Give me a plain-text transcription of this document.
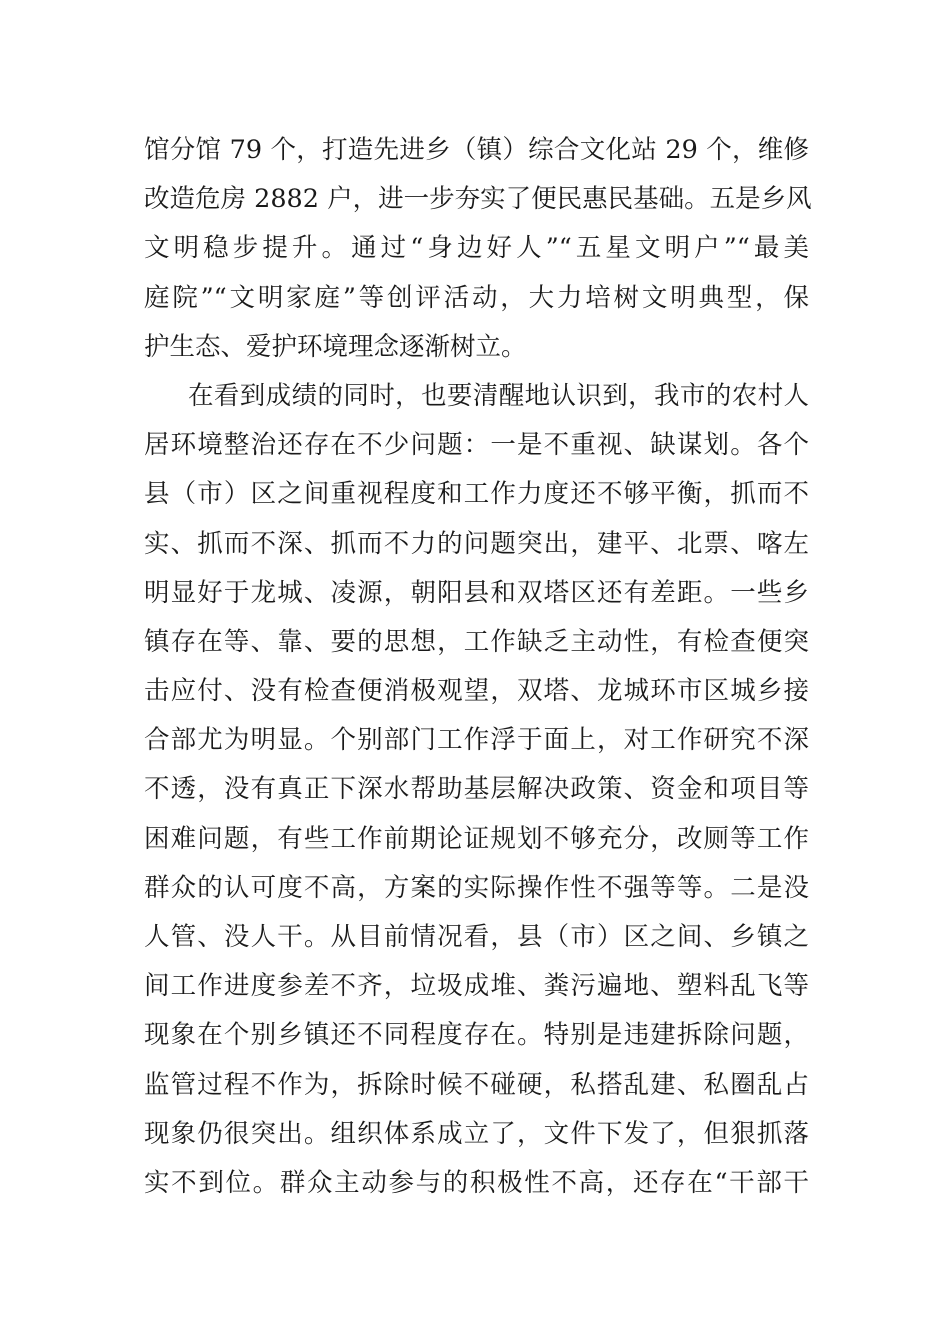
馆分馆 79 个，打造先进乡（镇）综合文化站 29 个，维修
改造危房 2882 户，进一步夯实了便民惠民基础。五是乡风
文明稳步提升。通过“身边好人”“五星文明户”“最美
庭院”“文明家庭”等创评活动，大力培树文明典型，保
护生态、爱护环境理念逐渐树立。
在看到成绩的同时，也要清醒地认识到，我市的农村人
居环境整治还存在不少问题：一是不重视、缺谋划。各个
县（市）区之间重视程度和工作力度还不够平衡，抓而不
实、抓而不深、抓而不力的问题突出，建平、北票、喀左
明显好于龙城、凌源，朝阳县和双塔区还有差距。一些乡
镇存在等、靠、要的思想，工作缺乏主动性，有检查便突
击应付、没有检查便消极观望，双塔、龙城环市区城乡接
合部尤为明显。个别部门工作浮于面上，对工作研究不深
不透，没有真正下深水帮助基层解决政策、资金和项目等
困难问题，有些工作前期论证规划不够充分，改厕等工作
群众的认可度不高，方案的实际操作性不强等等。二是没
人管、没人干。从目前情况看，县（市）区之间、乡镇之
间工作进度参差不齐，垃圾成堆、粪污遍地、塑料乱飞等
现象在个别乡镇还不同程度存在。特别是违建拆除问题，
监管过程不作为，拆除时候不碰硬，私搭乱建、私圈乱占
现象仍很突出。组织体系成立了，文件下发了，但狠抓落
实不到位。群众主动参与的积极性不高，还存在“干部干
